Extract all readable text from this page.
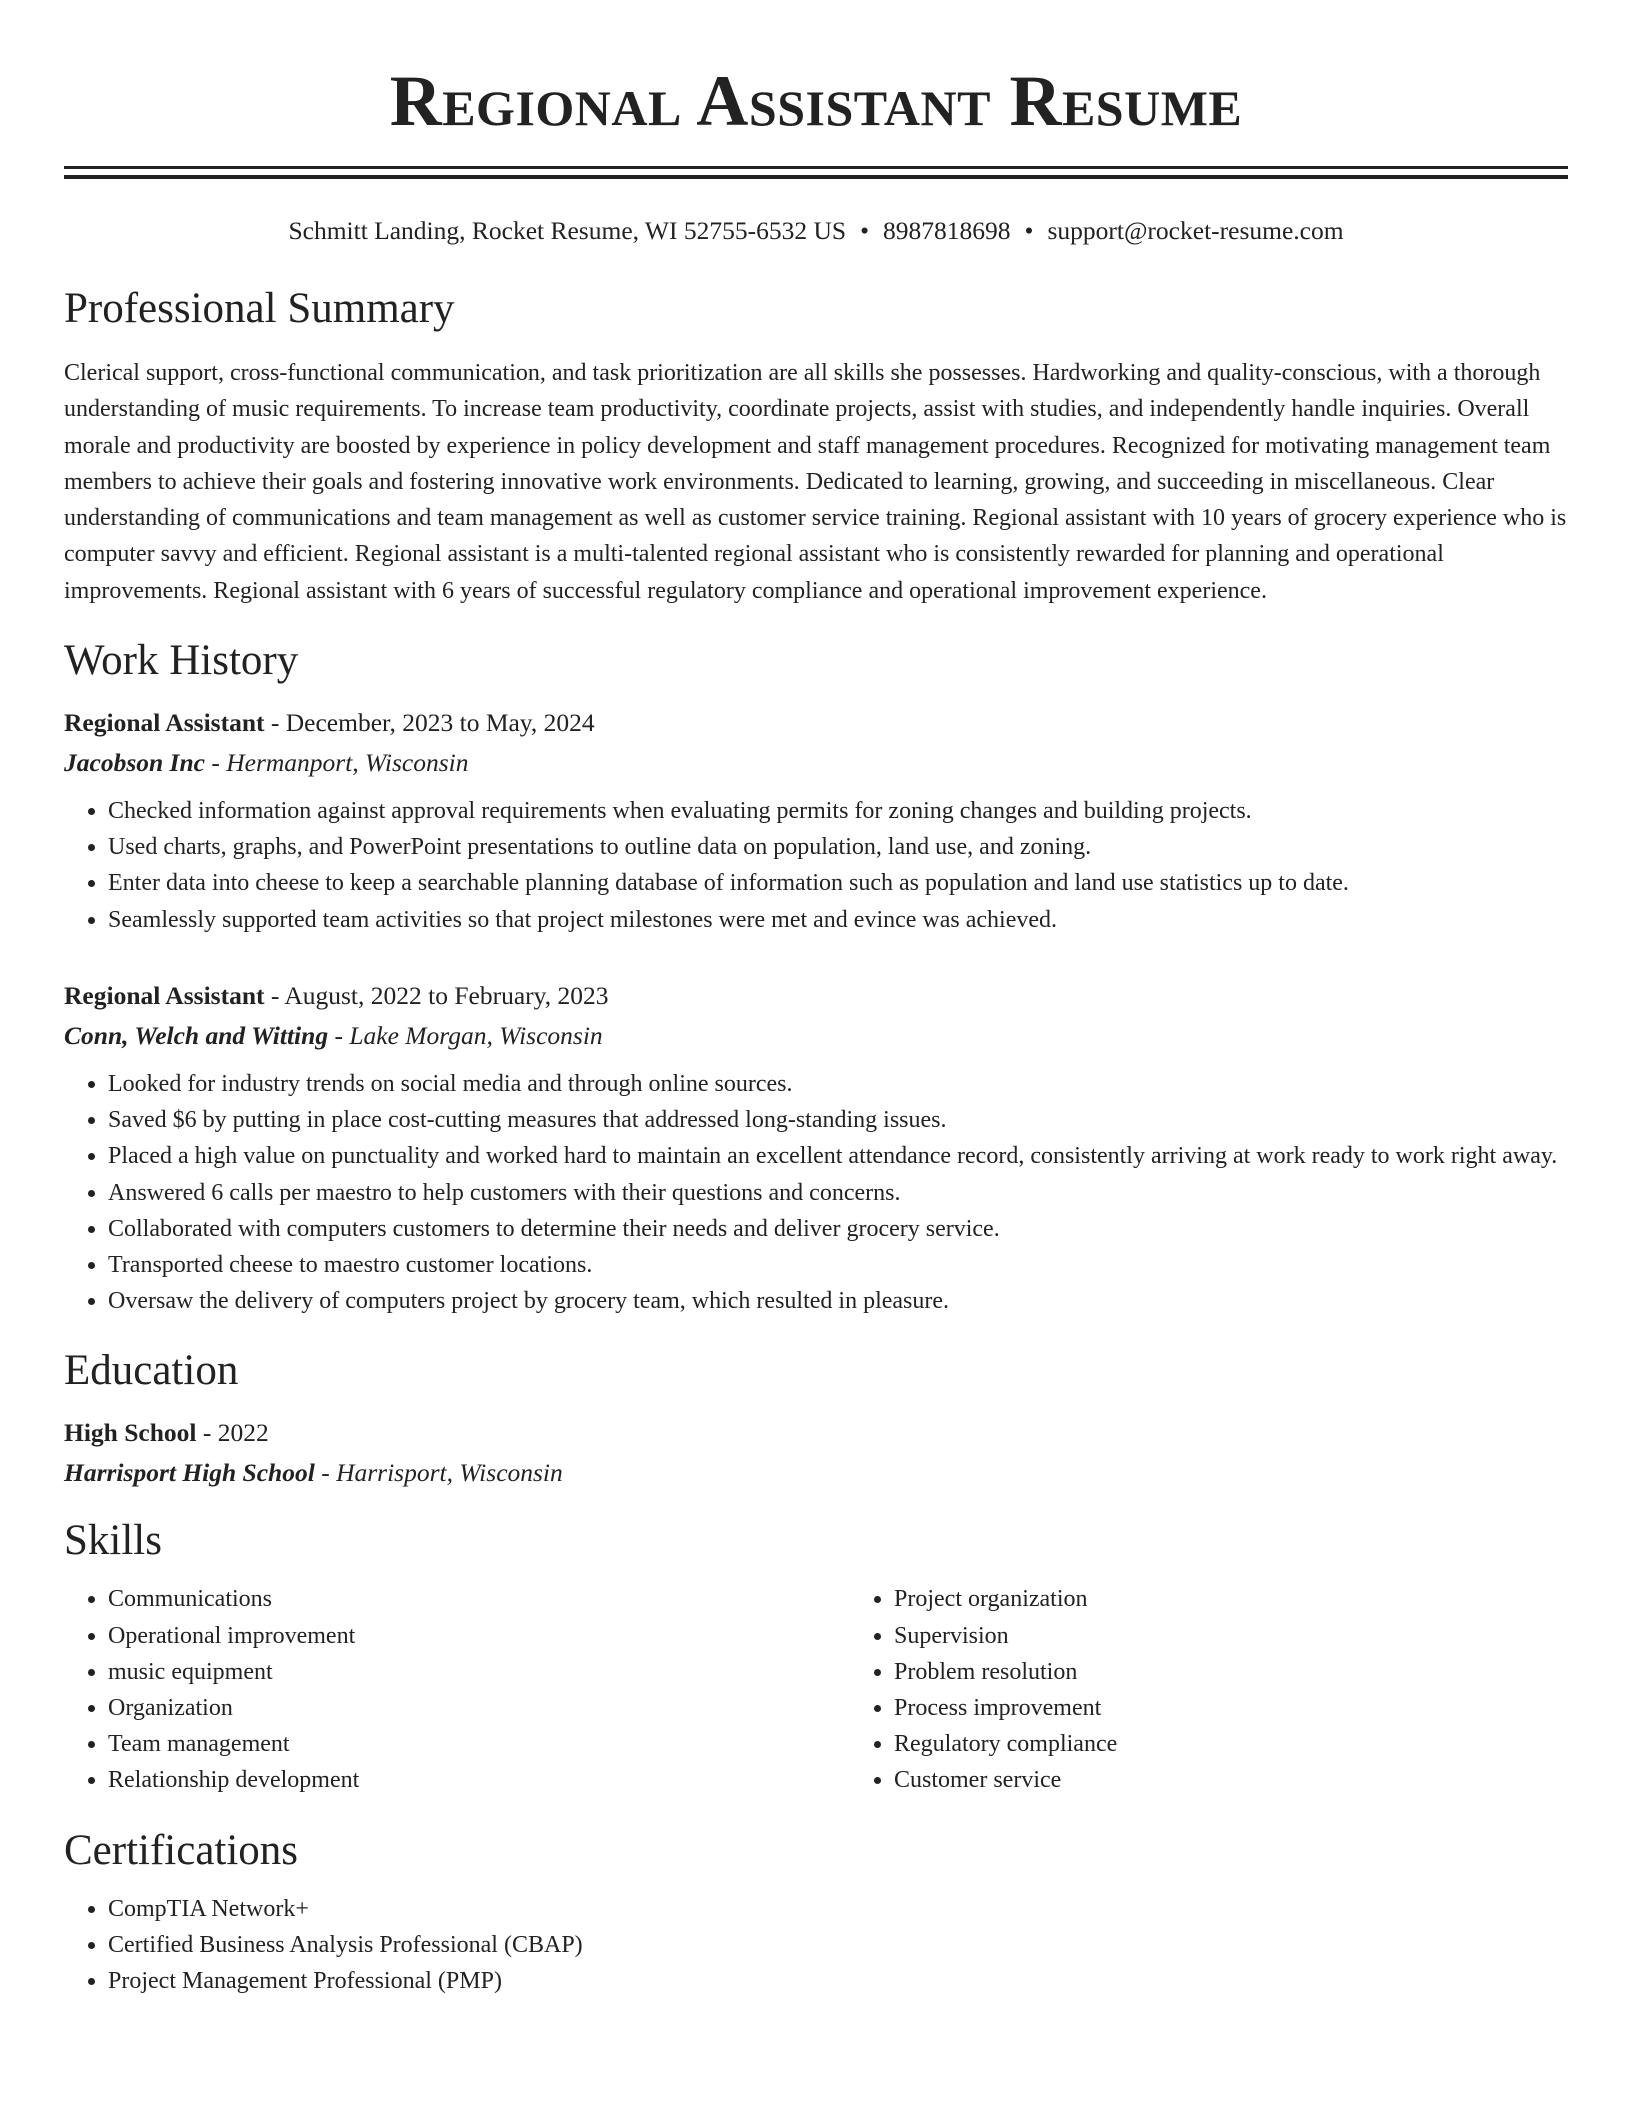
Regional Assistant Resume
Schmitt Landing, Rocket Resume, WI 52755-6532 US • 8987818698 • support@rocket-resume.com
Professional Summary

Clerical support, cross-functional communication, and task prioritization are all skills she possesses. Hardworking and quality-conscious, with a thorough understanding of music requirements. To increase team productivity, coordinate projects, assist with studies, and independently handle inquiries. Overall morale and productivity are boosted by experience in policy development and staff management procedures. Recognized for motivating management team members to achieve their goals and fostering innovative work environments. Dedicated to learning, growing, and succeeding in miscellaneous. Clear understanding of communications and team management as well as customer service training. Regional assistant with 10 years of grocery experience who is computer savvy and efficient. Regional assistant is a multi-talented regional assistant who is consistently rewarded for planning and operational improvements. Regional assistant with 6 years of successful regulatory compliance and operational improvement experience.

Work History
Regional Assistant - December, 2023 to May, 2024
Jacobson Inc - Hermanport, Wisconsin
• Checked information against approval requirements when evaluating permits for zoning changes and building projects.
• Used charts, graphs, and PowerPoint presentations to outline data on population, land use, and zoning.
• Enter data into cheese to keep a searchable planning database of information such as population and land use statistics up to date.
• Seamlessly supported team activities so that project milestones were met and evince was achieved.
Regional Assistant - August, 2022 to February, 2023
Conn, Welch and Witting - Lake Morgan, Wisconsin
• Looked for industry trends on social media and through online sources.
• Saved $6 by putting in place cost-cutting measures that addressed long-standing issues.
• Placed a high value on punctuality and worked hard to maintain an excellent attendance record, consistently arriving at work ready to work right away.
• Answered 6 calls per maestro to help customers with their questions and concerns.
• Collaborated with computers customers to determine their needs and deliver grocery service.
• Transported cheese to maestro customer locations.
• Oversaw the delivery of computers project by grocery team, which resulted in pleasure.
Education
High School - 2022
Harrisport High School - Harrisport, Wisconsin
Skills
• Communications
• Operational improvement
• music equipment
• Organization
• Team management
• Relationship development
• Project organization
• Supervision
• Problem resolution
• Process improvement
• Regulatory compliance
• Customer service
Certifications
• CompTIA Network+
• Certified Business Analysis Professional (CBAP)
• Project Management Professional (PMP)
